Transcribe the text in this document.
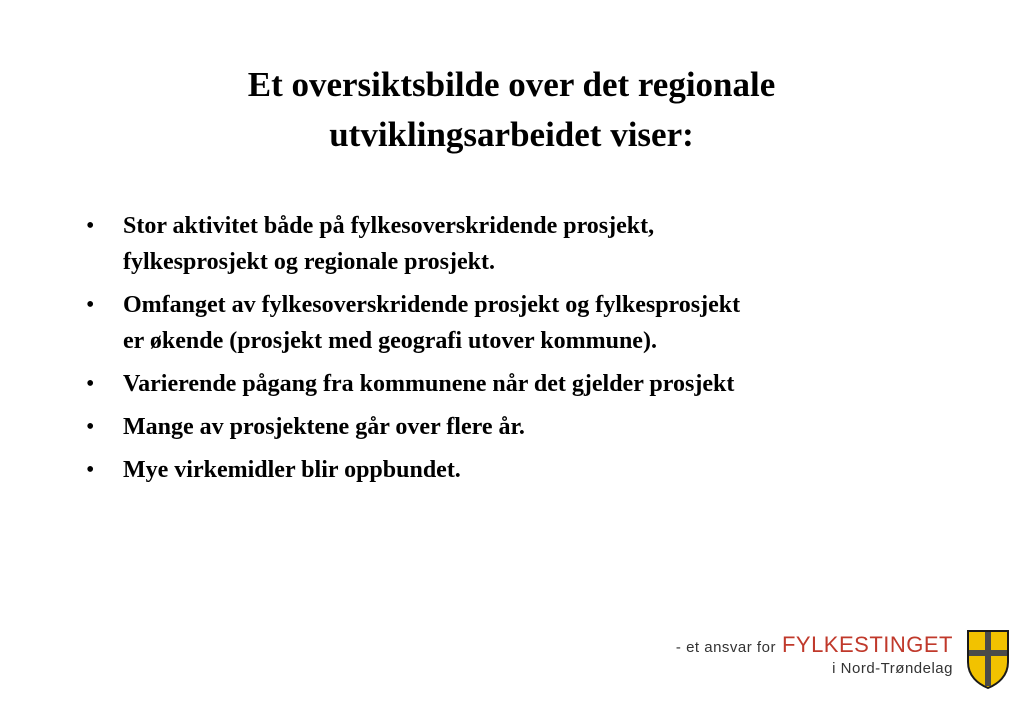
Et oversiktsbilde over det regionale
utviklingsarbeidet viser:
• Stor aktivitet både på fylkesoverskridende prosjekt,
fylkesprosjekt og regionale prosjekt.
• Omfanget av fylkesoverskridende prosjekt og fylkesprosjekt
er økende (prosjekt med geografi utover kommune).
• Varierende pågang fra kommunene når det gjelder prosjekt
• Mange av prosjektene går over flere år.
• Mye virkemidler blir oppbundet.
- et ansvar for FYLKESTINGET
i Nord-Trøndelag
